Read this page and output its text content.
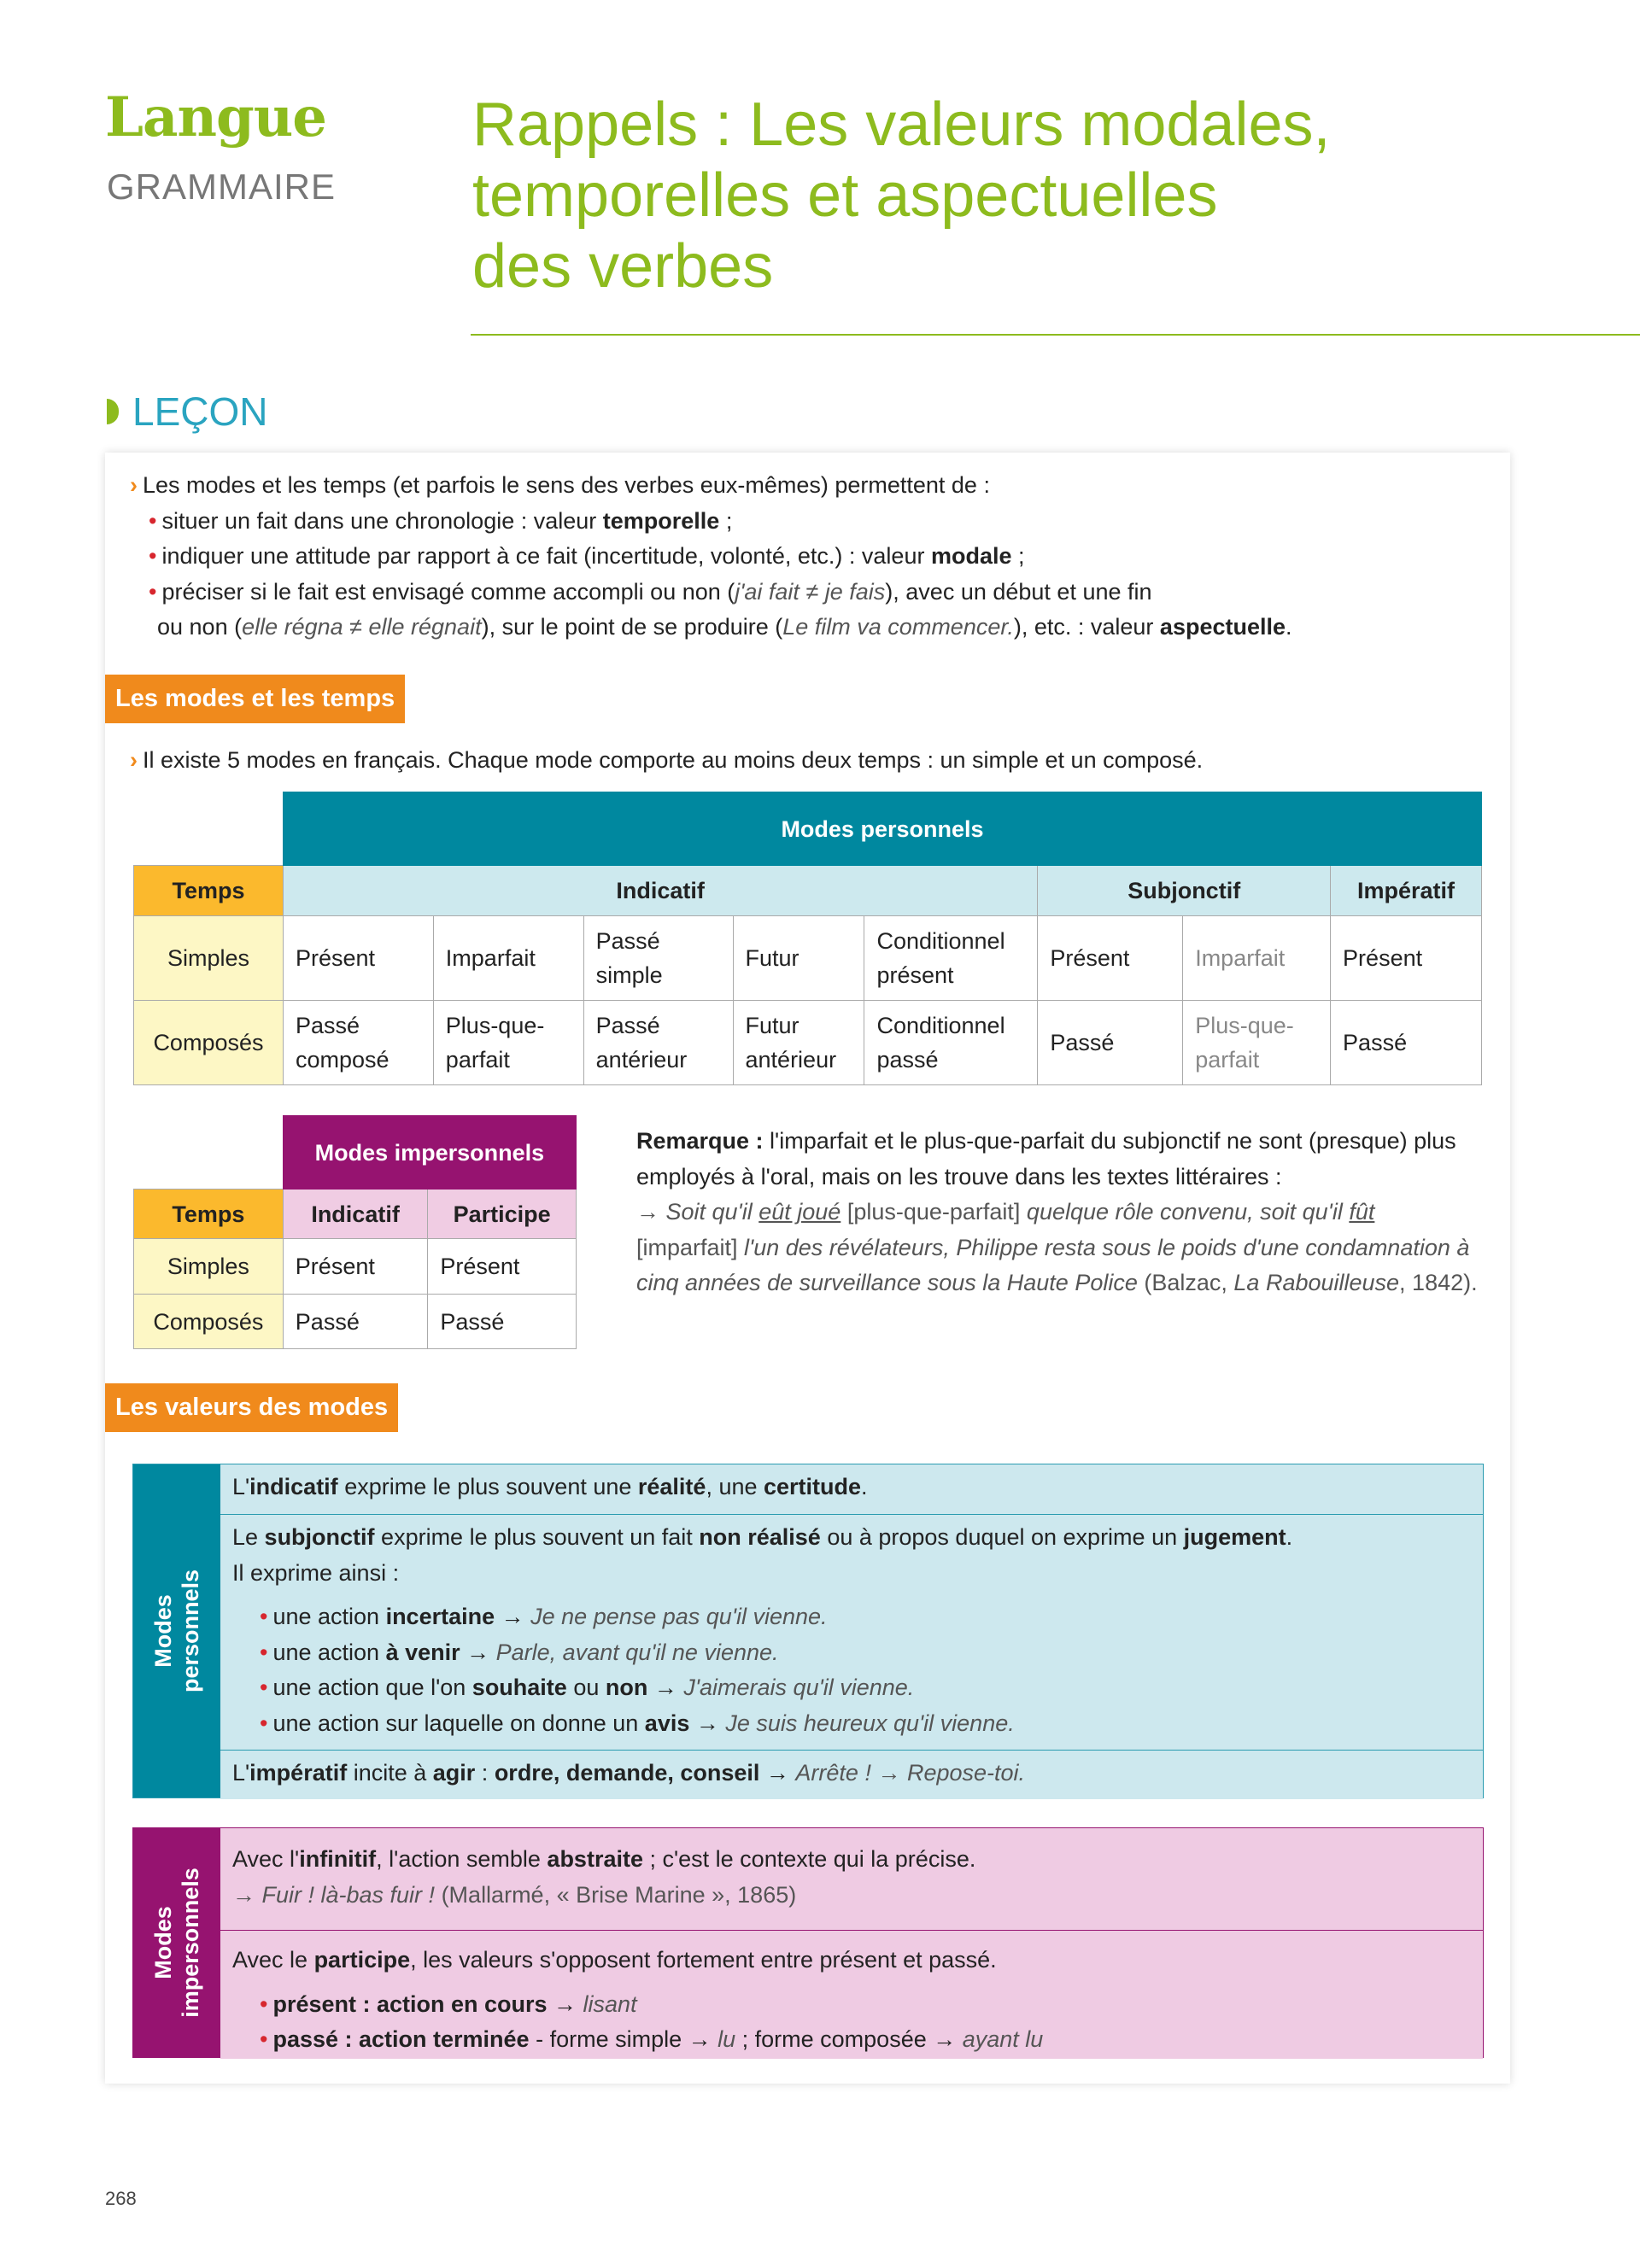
Langue
GRAMMAIRE
Rappels : Les valeurs modales,
temporelles et aspectuelles
des verbes
LEÇON
› Les modes et les temps (et parfois le sens des verbes eux-mêmes) permettent de :
• situer un fait dans une chronologie : valeur temporelle ;
• indiquer une attitude par rapport à ce fait (incertitude, volonté, etc.) : valeur modale ;
• préciser si le fait est envisagé comme accompli ou non (j'ai fait ≠ je fais), avec un début et une fin
ou non (elle régna ≠ elle régnait), sur le point de se produire (Le film va commencer.), etc. : valeur aspectuelle.
Les modes et les temps
› Il existe 5 modes en français. Chaque mode comporte au moins deux temps : un simple et un composé.
	Modes personnels							
Temps	Indicatif					Subjonctif		Impératif
Simples	Présent	Imparfait	Passé simple	Futur	Conditionnel présent	Présent	Imparfait	Présent
Composés	Passé composé	Plus-que-parfait	Passé antérieur	Futur antérieur	Conditionnel passé	Passé	Plus-que-parfait	Passé
	Modes impersonnels	
Temps	Indicatif	Participe
Simples	Présent	Présent
Composés	Passé	Passé
Remarque : l'imparfait et le plus-que-parfait du subjonctif ne sont (presque) plus employés à l'oral, mais on les trouve dans les textes littéraires :
→ Soit qu'il eût joué [plus-que-parfait] quelque rôle convenu, soit qu'il fût [imparfait] l'un des révélateurs, Philippe resta sous le poids d'une condamnation à cinq années de surveillance sous la Haute Police (Balzac, La Rabouilleuse, 1842).
Les valeurs des modes
Modes
personnels
L'indicatif exprime le plus souvent une réalité, une certitude.
Le subjonctif exprime le plus souvent un fait non réalisé ou à propos duquel on exprime un jugement.
Il exprime ainsi :
• une action incertaine → Je ne pense pas qu'il vienne.
• une action à venir → Parle, avant qu'il ne vienne.
• une action que l'on souhaite ou non → J'aimerais qu'il vienne.
• une action sur laquelle on donne un avis → Je suis heureux qu'il vienne.
L'impératif incite à agir : ordre, demande, conseil → Arrête ! → Repose-toi.
Modes
impersonnels
Avec l'infinitif, l'action semble abstraite ; c'est le contexte qui la précise.
→ Fuir ! là-bas fuir ! (Mallarmé, « Brise Marine », 1865)
Avec le participe, les valeurs s'opposent fortement entre présent et passé.
• présent : action en cours → lisant
• passé : action terminée - forme simple → lu ; forme composée → ayant lu
268
